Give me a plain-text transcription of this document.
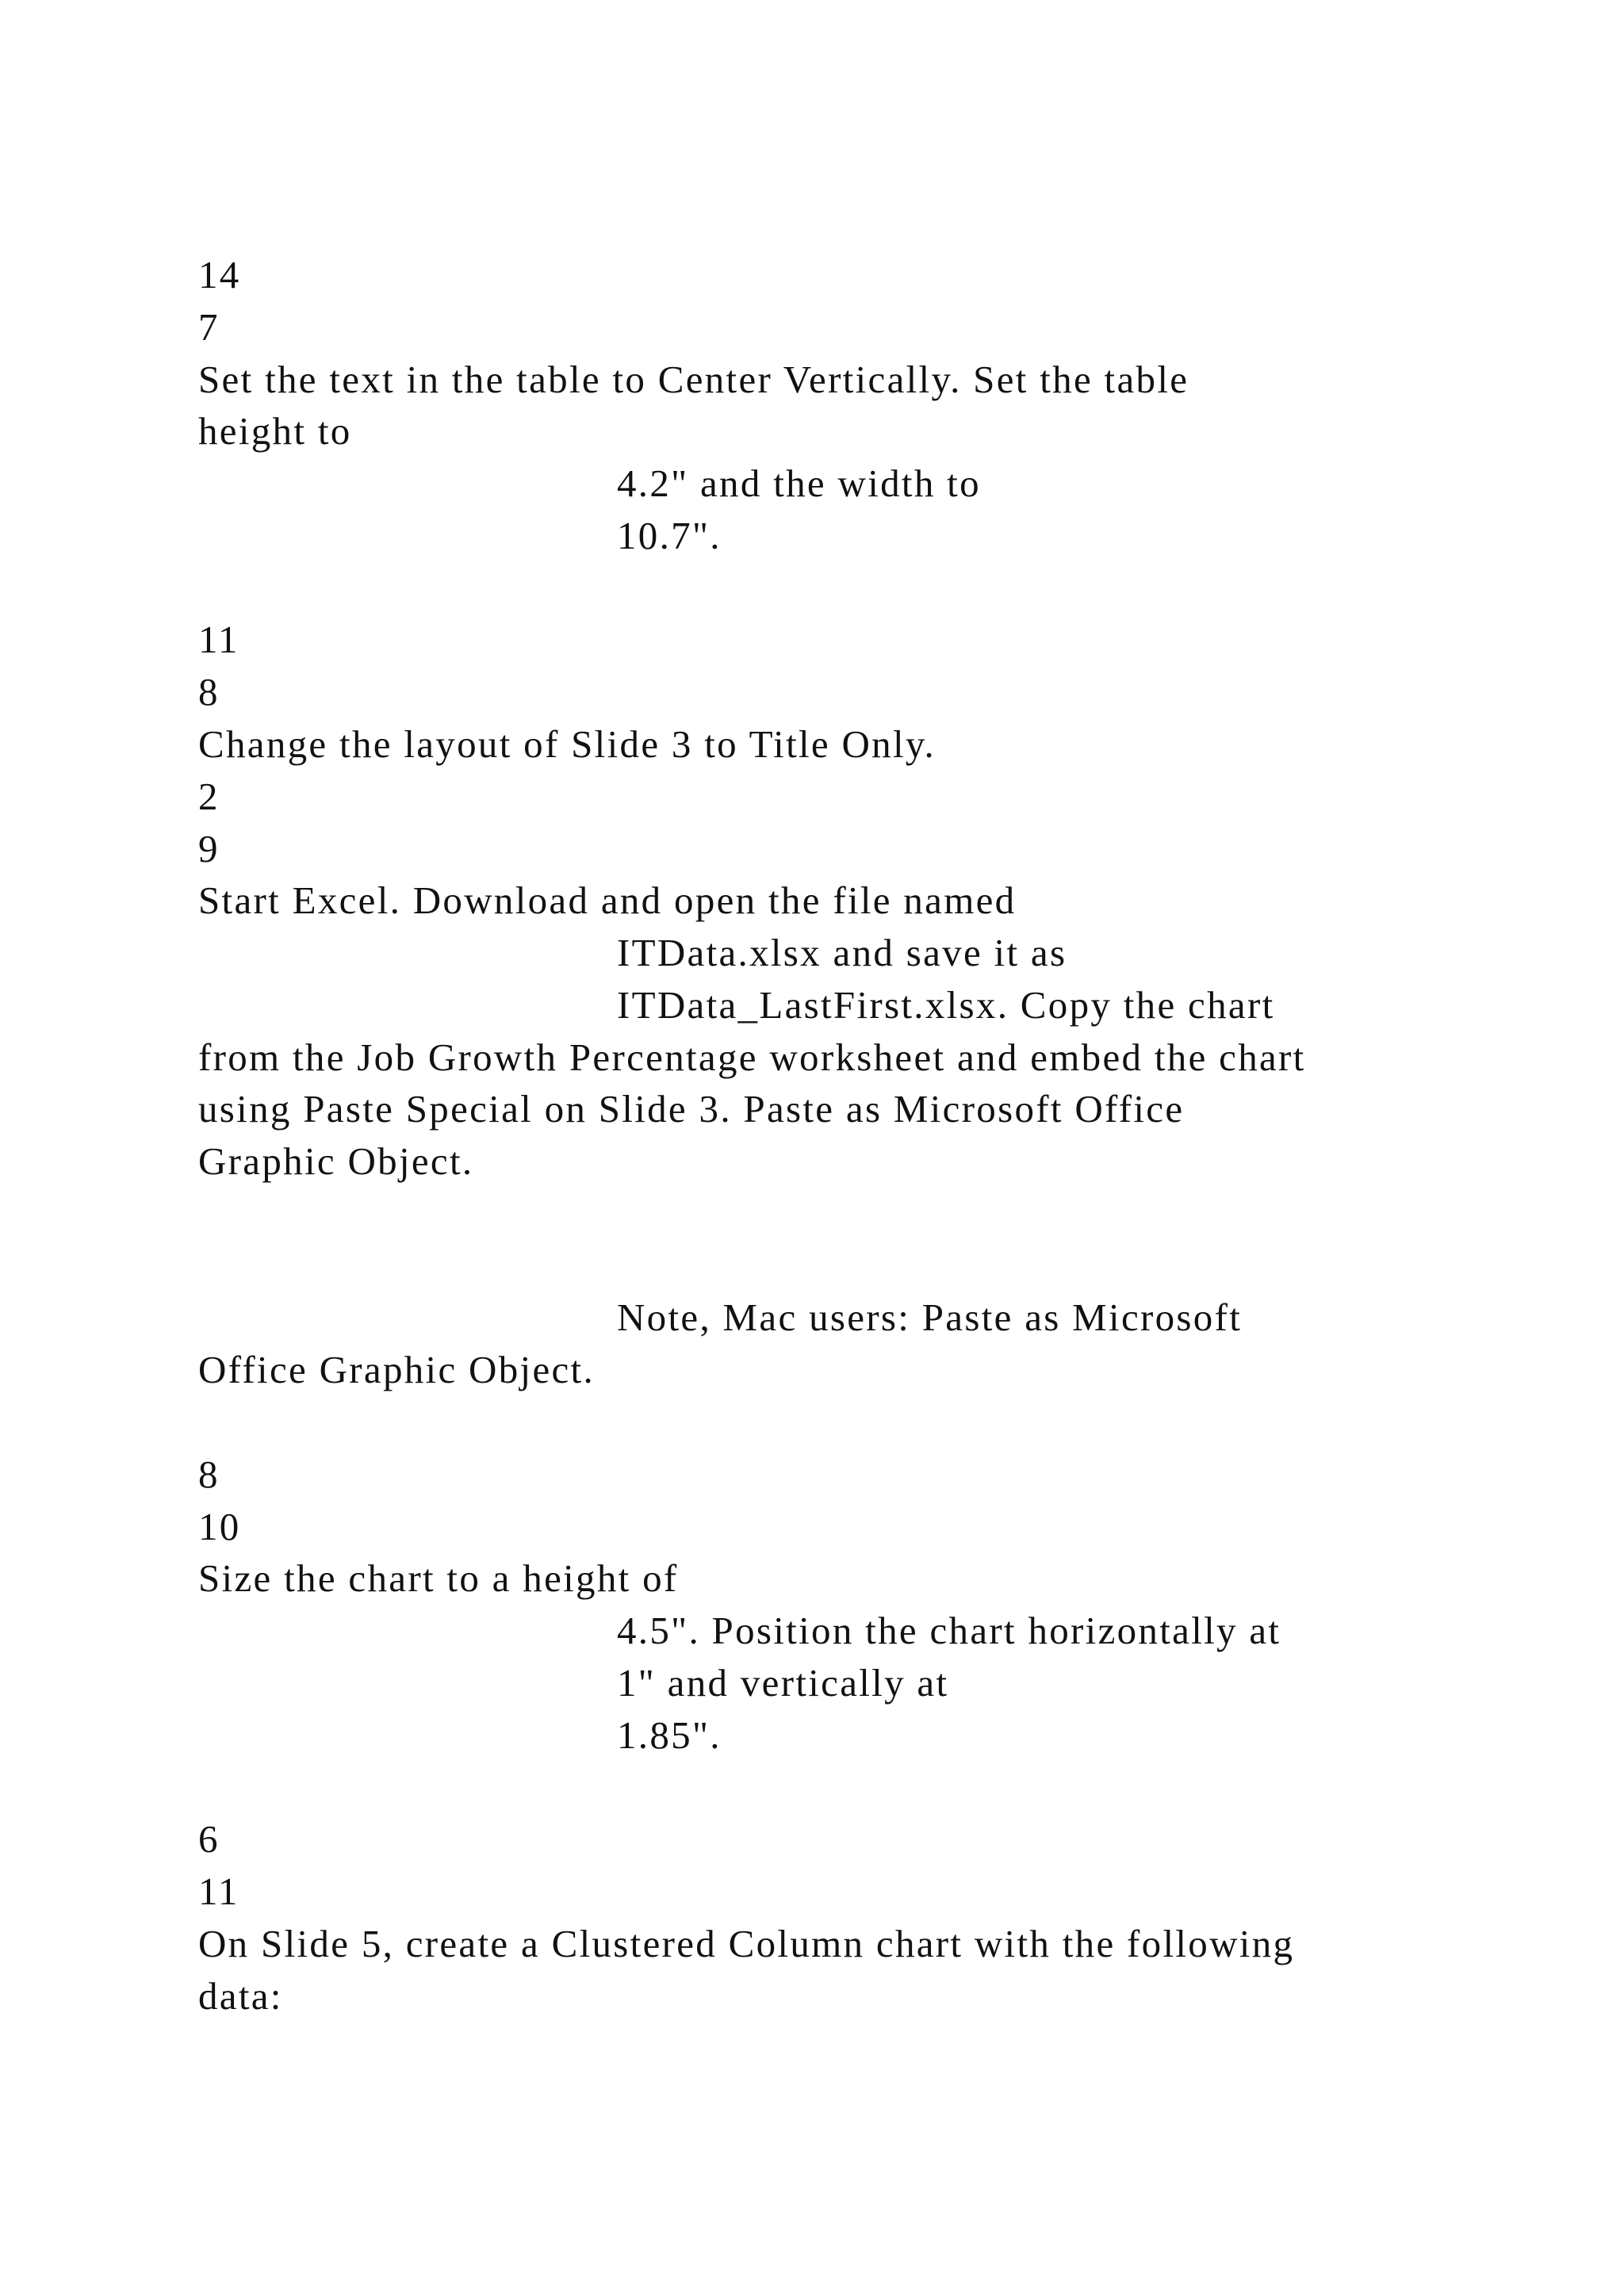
14
7
Set the text in the table to Center Vertically. Set the table
height to
4.2" and the width to
10.7".
11
8
Change the layout of Slide 3 to Title Only.
2
9
Start Excel. Download and open the file named
ITData.xlsx and save it as
ITData_LastFirst.xlsx. Copy the chart
from the Job Growth Percentage worksheet and embed the chart
using Paste Special on Slide 3. Paste as Microsoft Office
Graphic Object.
Note, Mac users: Paste as Microsoft
Office Graphic Object.
8
10
Size the chart to a height of
4.5". Position the chart horizontally at
1" and vertically at
1.85".
6
11
On Slide 5, create a Clustered Column chart with the following
data:
